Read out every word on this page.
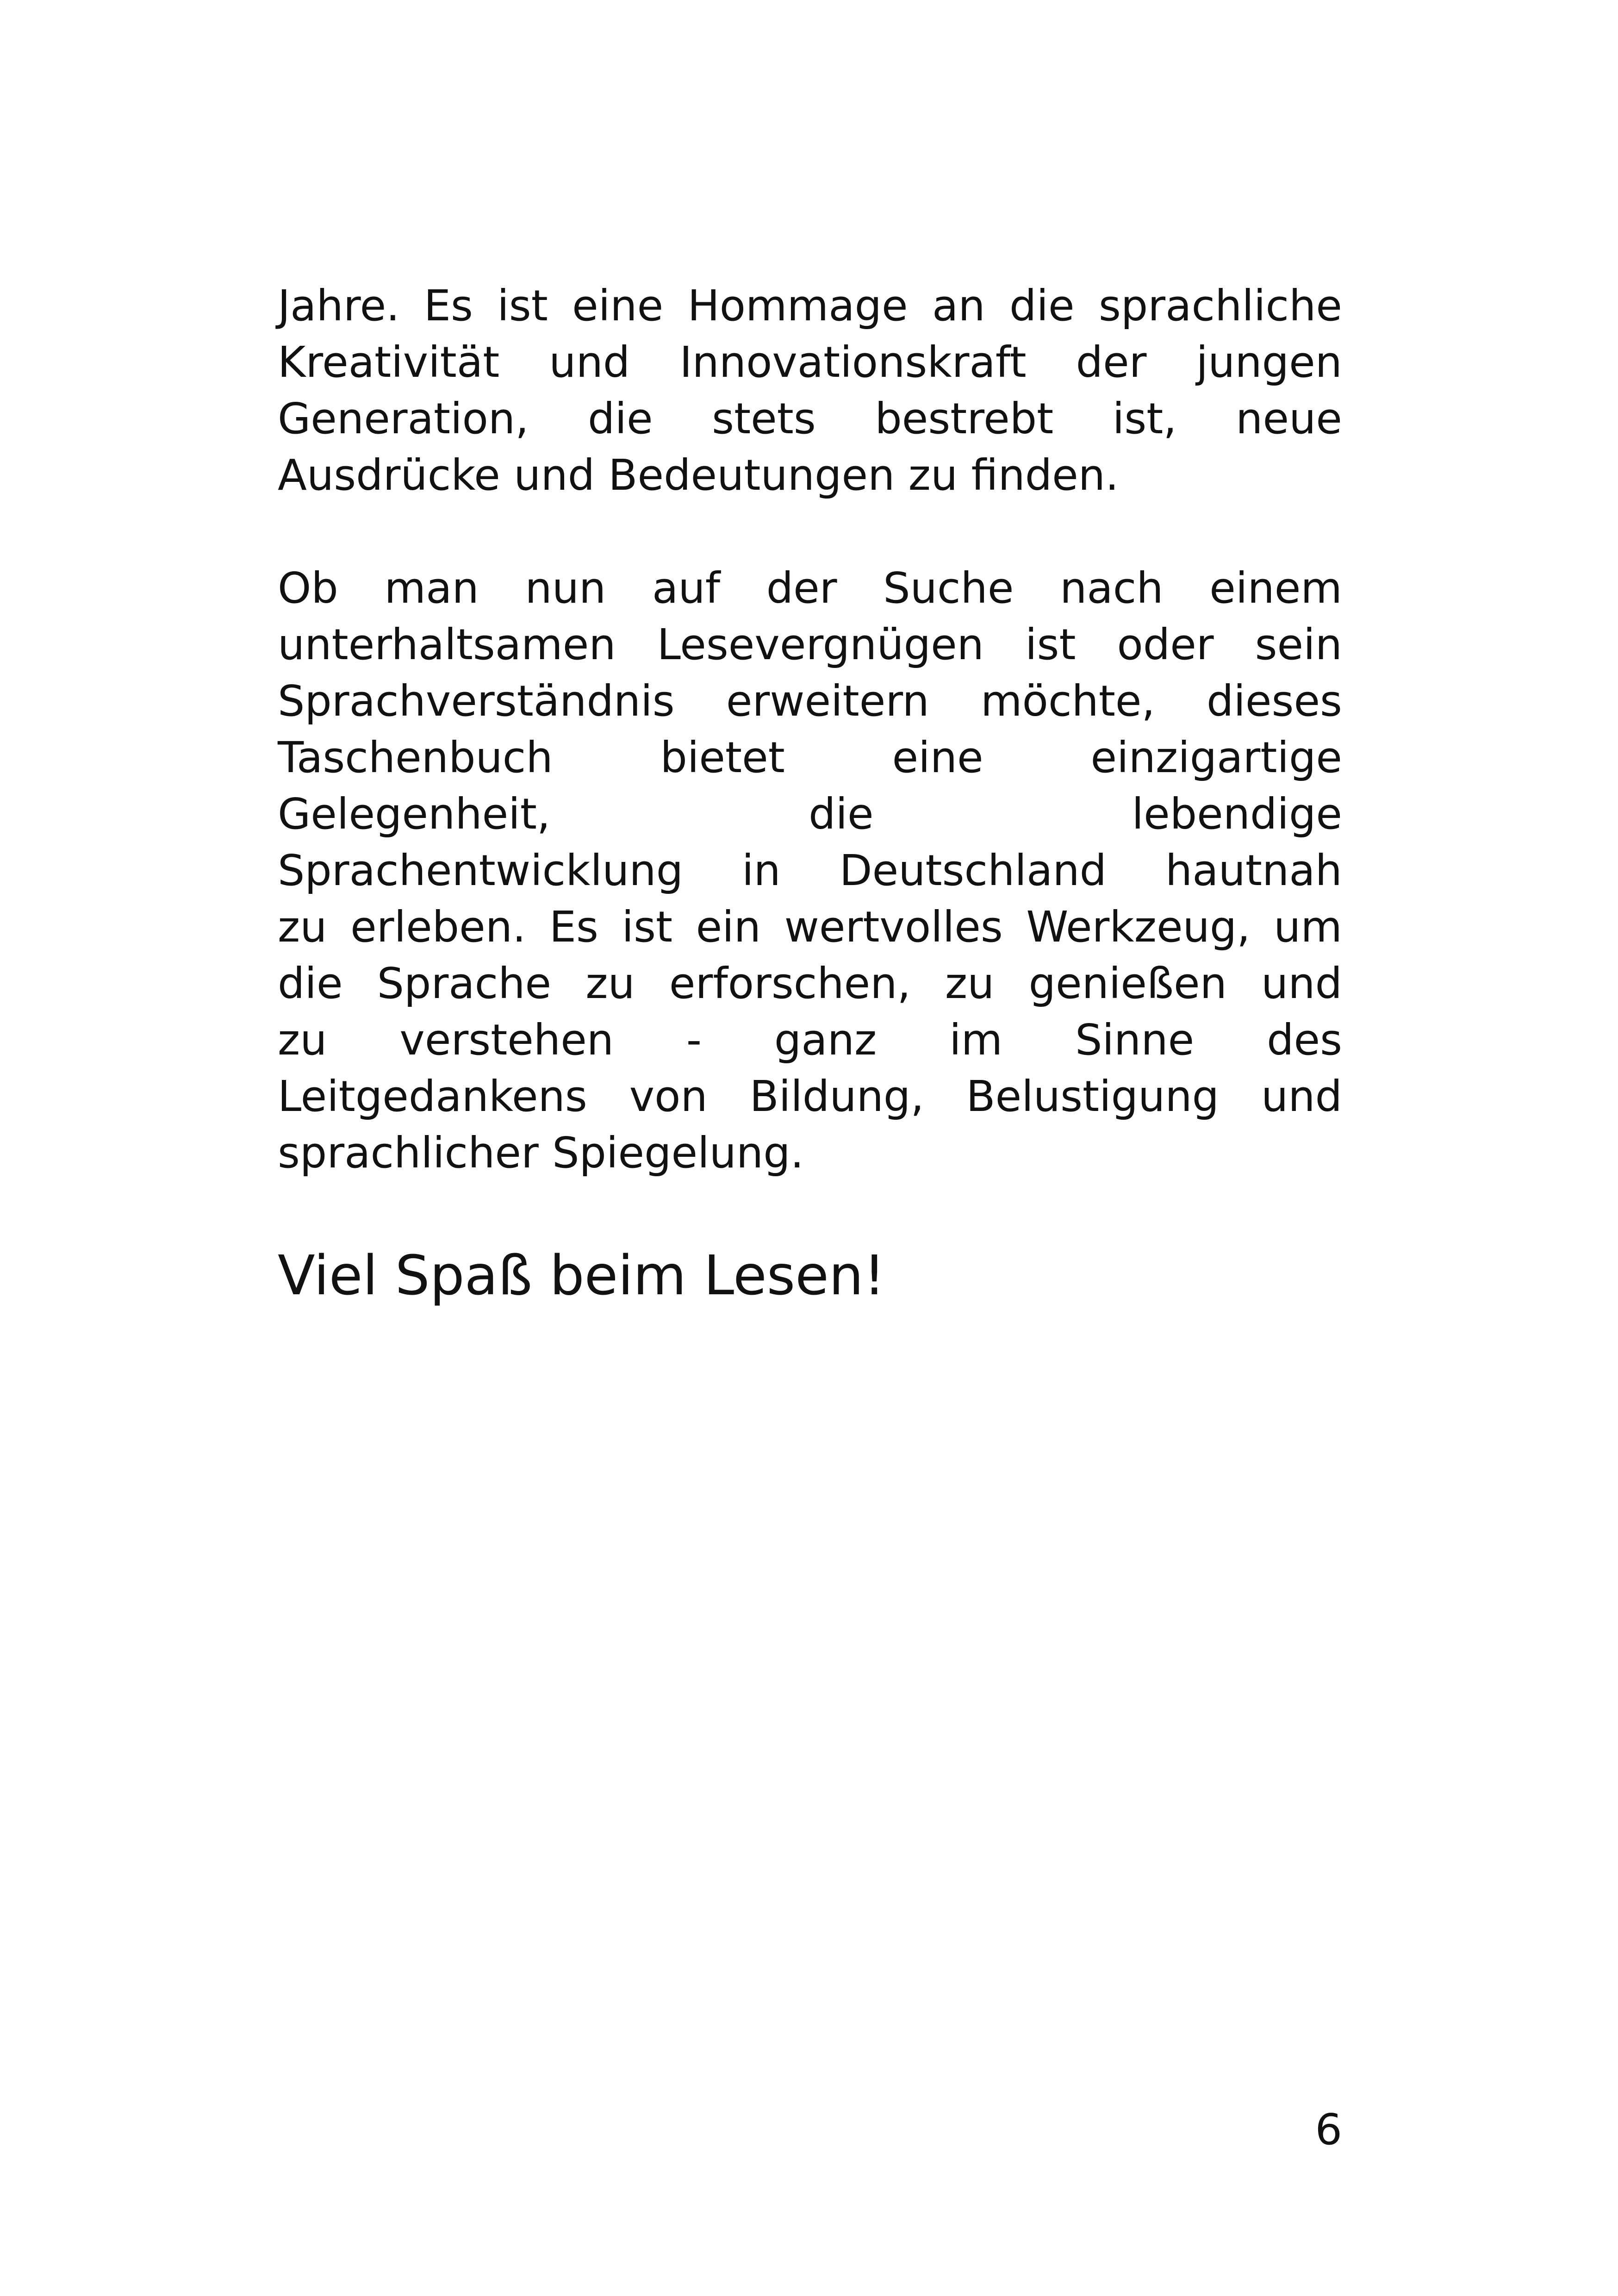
Jahre. Es ist eine Hommage an die sprachliche
Kreativität und Innovationskraft der jungen
Generation, die stets bestrebt ist, neue
Ausdrücke und Bedeutungen zu finden.

Ob man nun auf der Suche nach einem
unterhaltsamen Lesevergnügen ist oder sein
Sprachverständnis erweitern möchte, dieses
Taschenbuch bietet eine einzigartige
Gelegenheit, die lebendige
Sprachentwicklung in Deutschland hautnah
zu erleben. Es ist ein wertvolles Werkzeug, um
die Sprache zu erforschen, zu genießen und
zu verstehen - ganz im Sinne des
Leitgedankens von Bildung, Belustigung und
sprachlicher Spiegelung.

Viel Spaß beim Lesen!

6
